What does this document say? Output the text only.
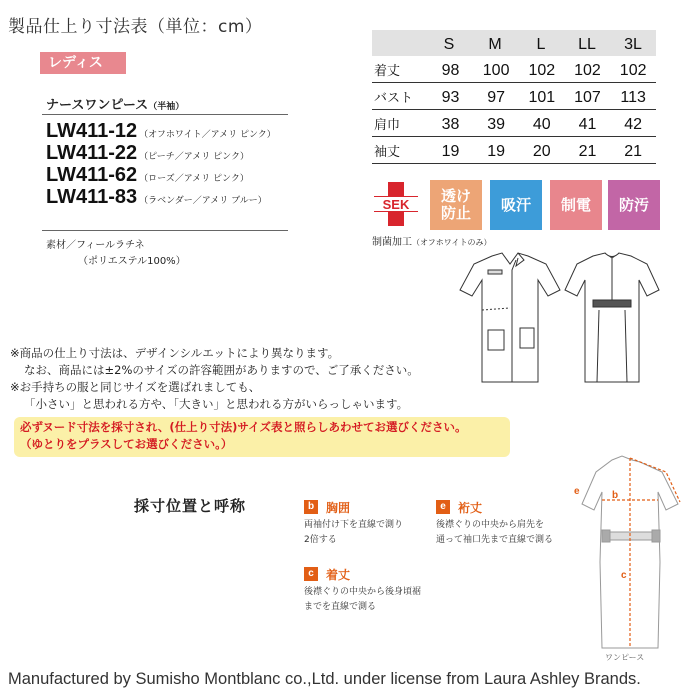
製品仕上り寸法表（単位：cm）
レディス
ナースワンピース（半袖）
LW411-12 （オフホワイト／アメリ ピンク）
LW411-22 （ピーチ／アメリ ピンク）
LW411-62 （ローズ／アメリ ピンク）
LW411-83 （ラベンダー／アメリ ブルー）
素材／フィールラチネ
（ポリエステル100%）
S	M	L	LL	3L
着丈	98	100	102	102	102
バスト	93	97	101	107	113
肩巾	38	39	40	41	42
袖丈	19	19	20	21	21
SEK 透け
防止	吸汗	制電	防汚
制菌加工（オフホワイトのみ）
※商品の仕上り寸法は、デザインシルエットにより異なります。
なお、商品には±2%のサイズの許容範囲がありますので、ご了承ください。
※お手持ちの服と同じサイズを選ばれましても、
「小さい」と思われる方や、「大きい」と思われる方がいらっしゃいます。
必ずヌード寸法を採寸され、(仕上り寸法)サイズ表と照らしあわせてお選びください。
（ゆとりをプラスしてお選びください。）
採寸位置と呼称	b 胸囲
両袖付け下を直線で測り
2倍する
e	裄丈
後襟ぐりの中央から肩先を
通って袖口先まで直線で測る
c	着丈
後襟ぐりの中央から後身頃裾
までを直線で測る
e	b
c
ワンピース
Manufactured by Sumisho Montblanc co.,Ltd. under license from Laura Ashley Brands.
